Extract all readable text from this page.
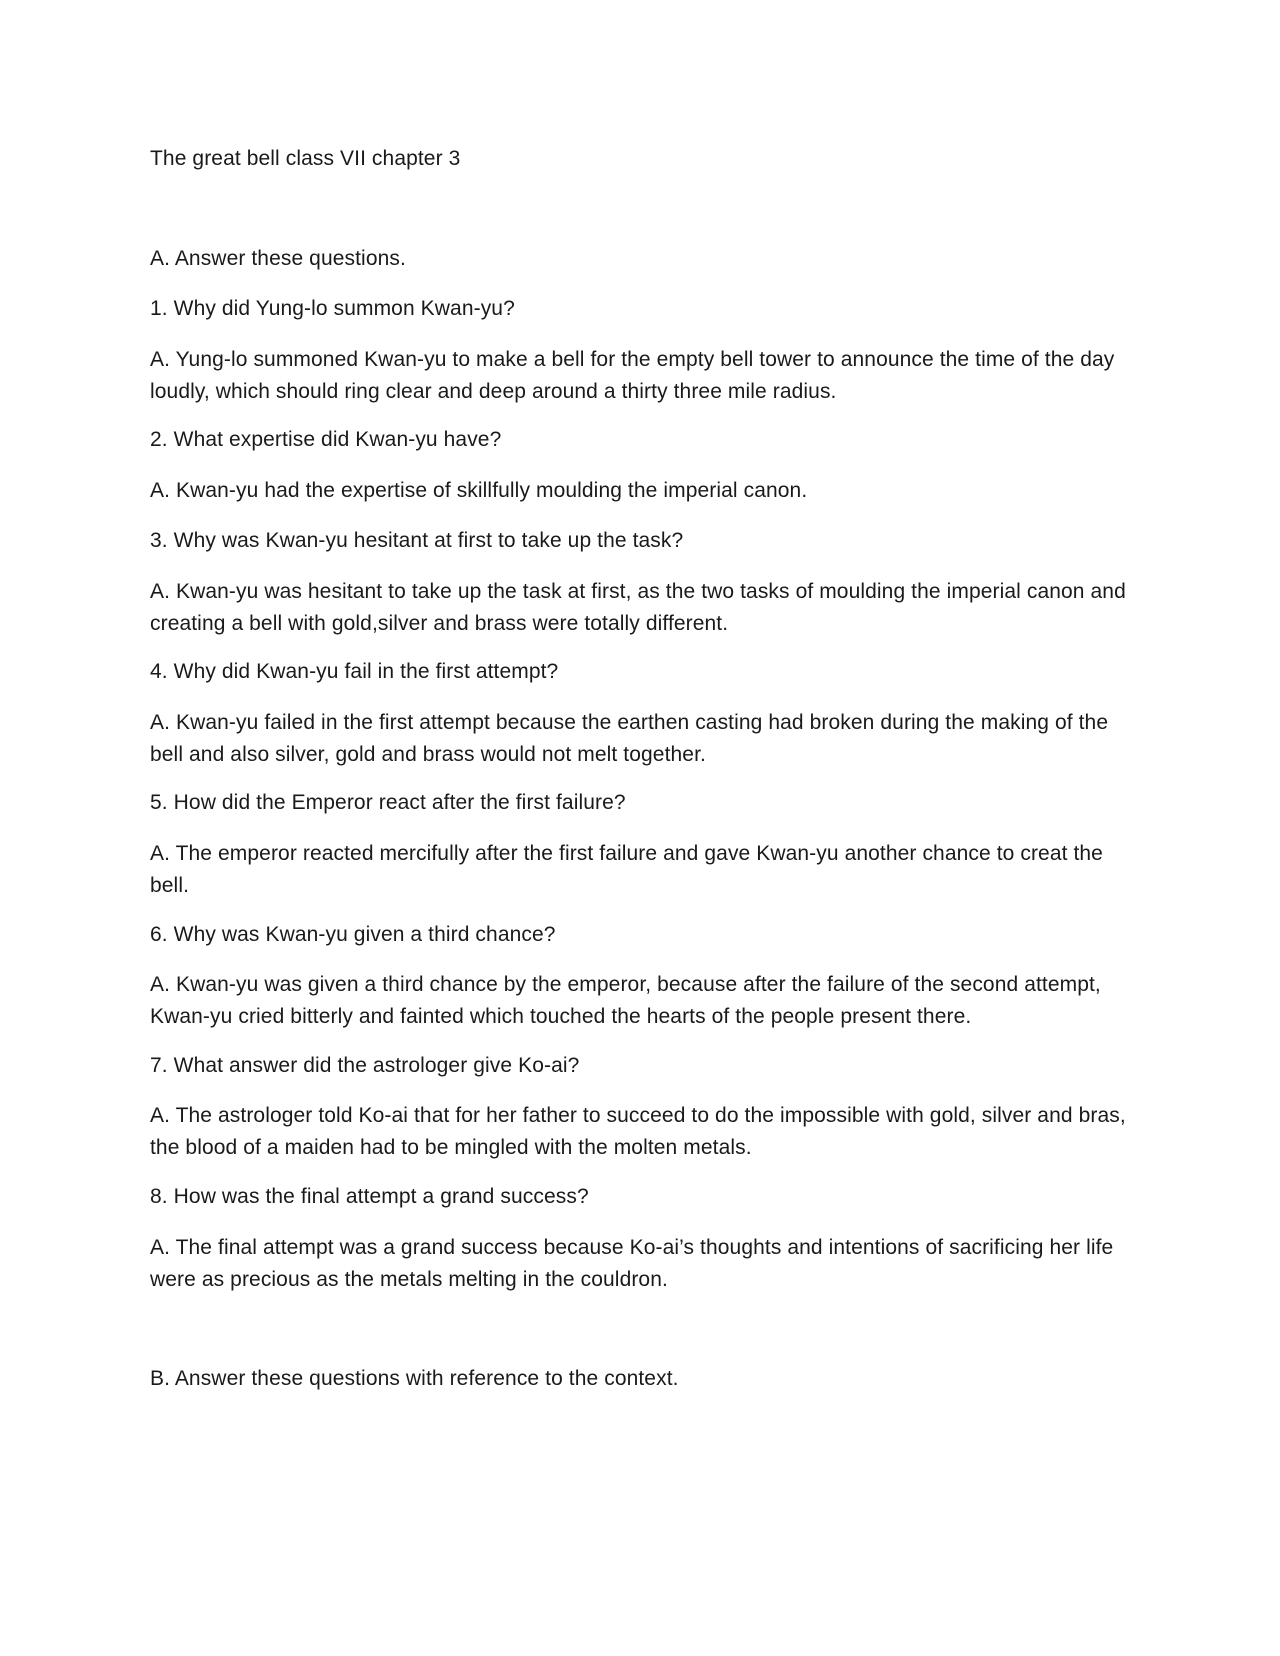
The great bell class VII chapter 3
A. Answer these questions.
1. Why did Yung-lo summon Kwan-yu?
A. Yung-lo summoned Kwan-yu to make a bell for the empty bell tower to announce the time of the day loudly, which should ring clear and deep around a thirty three mile radius.
2. What expertise did Kwan-yu have?
A. Kwan-yu had the expertise of skillfully moulding the imperial canon.
3. Why was Kwan-yu hesitant at first to take up the task?
A. Kwan-yu was hesitant to take up the task at first, as the two tasks of moulding the imperial canon and creating a bell with gold,silver and brass were totally different.
4. Why did Kwan-yu fail in the first attempt?
A. Kwan-yu failed in the first attempt because the earthen casting had broken during the making of the bell and also silver, gold and brass would not melt together.
5. How did the Emperor react after the first failure?
A. The emperor reacted mercifully after the first failure and gave Kwan-yu another chance to creat the bell.
6. Why was Kwan-yu given a third chance?
A. Kwan-yu was given a third chance by the emperor, because after the failure of the second attempt, Kwan-yu cried bitterly and fainted which touched the hearts of the people present there.
7. What answer did the astrologer give Ko-ai?
A. The astrologer told Ko-ai that for her father to succeed to do the impossible with gold, silver and bras, the blood of a maiden had to be mingled with the molten metals.
8. How was the final attempt a grand success?
A. The final attempt was a grand success because Ko-ai’s thoughts and intentions of sacrificing her life were as precious as the metals melting in the couldron.
B. Answer these questions with reference to the context.
